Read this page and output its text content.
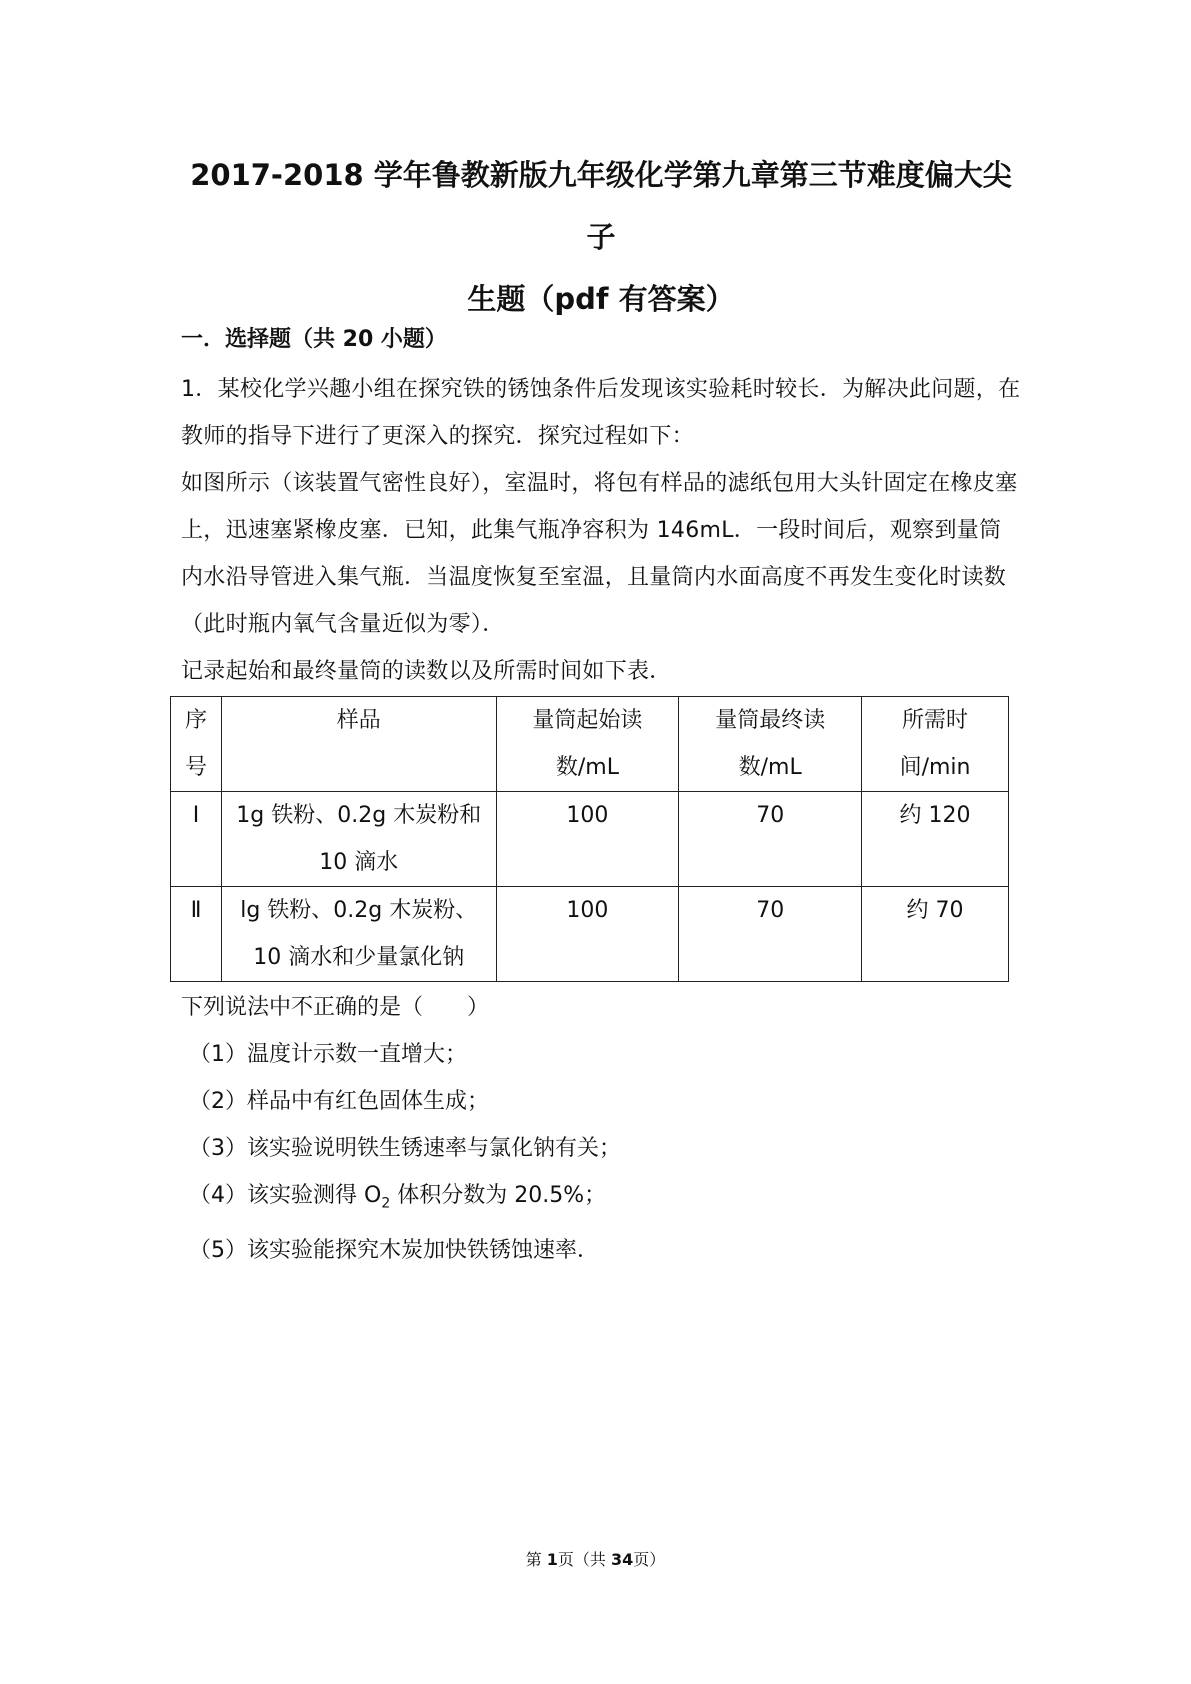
2017-2018 学年鲁教新版九年级化学第九章第三节难度偏大尖子
生题（pdf 有答案）
一．选择题（共 20 小题）

1．某校化学兴趣小组在探究铁的锈蚀条件后发现该实验耗时较长．为解决此问题，在教师的指导下进行了更深入的探究．探究过程如下：

如图所示（该装置气密性良好），室温时，将包有样品的滤纸包用大头针固定在橡皮塞上，迅速塞紧橡皮塞．已知，此集气瓶净容积为 146mL．一段时间后，观察到量筒内水沿导管进入集气瓶．当温度恢复至室温，且量筒内水面高度不再发生变化时读数（此时瓶内氧气含量近似为零）．

记录起始和最终量筒的读数以及所需时间如下表．

序号	样品	量筒起始读数/mL	量筒最终读数/mL	所需时间/min
Ⅰ	1g 铁粉、0.2g 木炭粉和10 滴水	100	70	约 120
Ⅱ	lg 铁粉、0.2g 木炭粉、10 滴水和少量氯化钠	100	70	约 70
下列说法中不正确的是（　　）
（1）温度计示数一直增大；
（2）样品中有红色固体生成；
（3）该实验说明铁生锈速率与氯化钠有关；
（4）该实验测得 $O_2$ 体积分数为 20.5%；
（5）该实验能探究木炭加快铁锈蚀速率．

第 1页（共 34页）
